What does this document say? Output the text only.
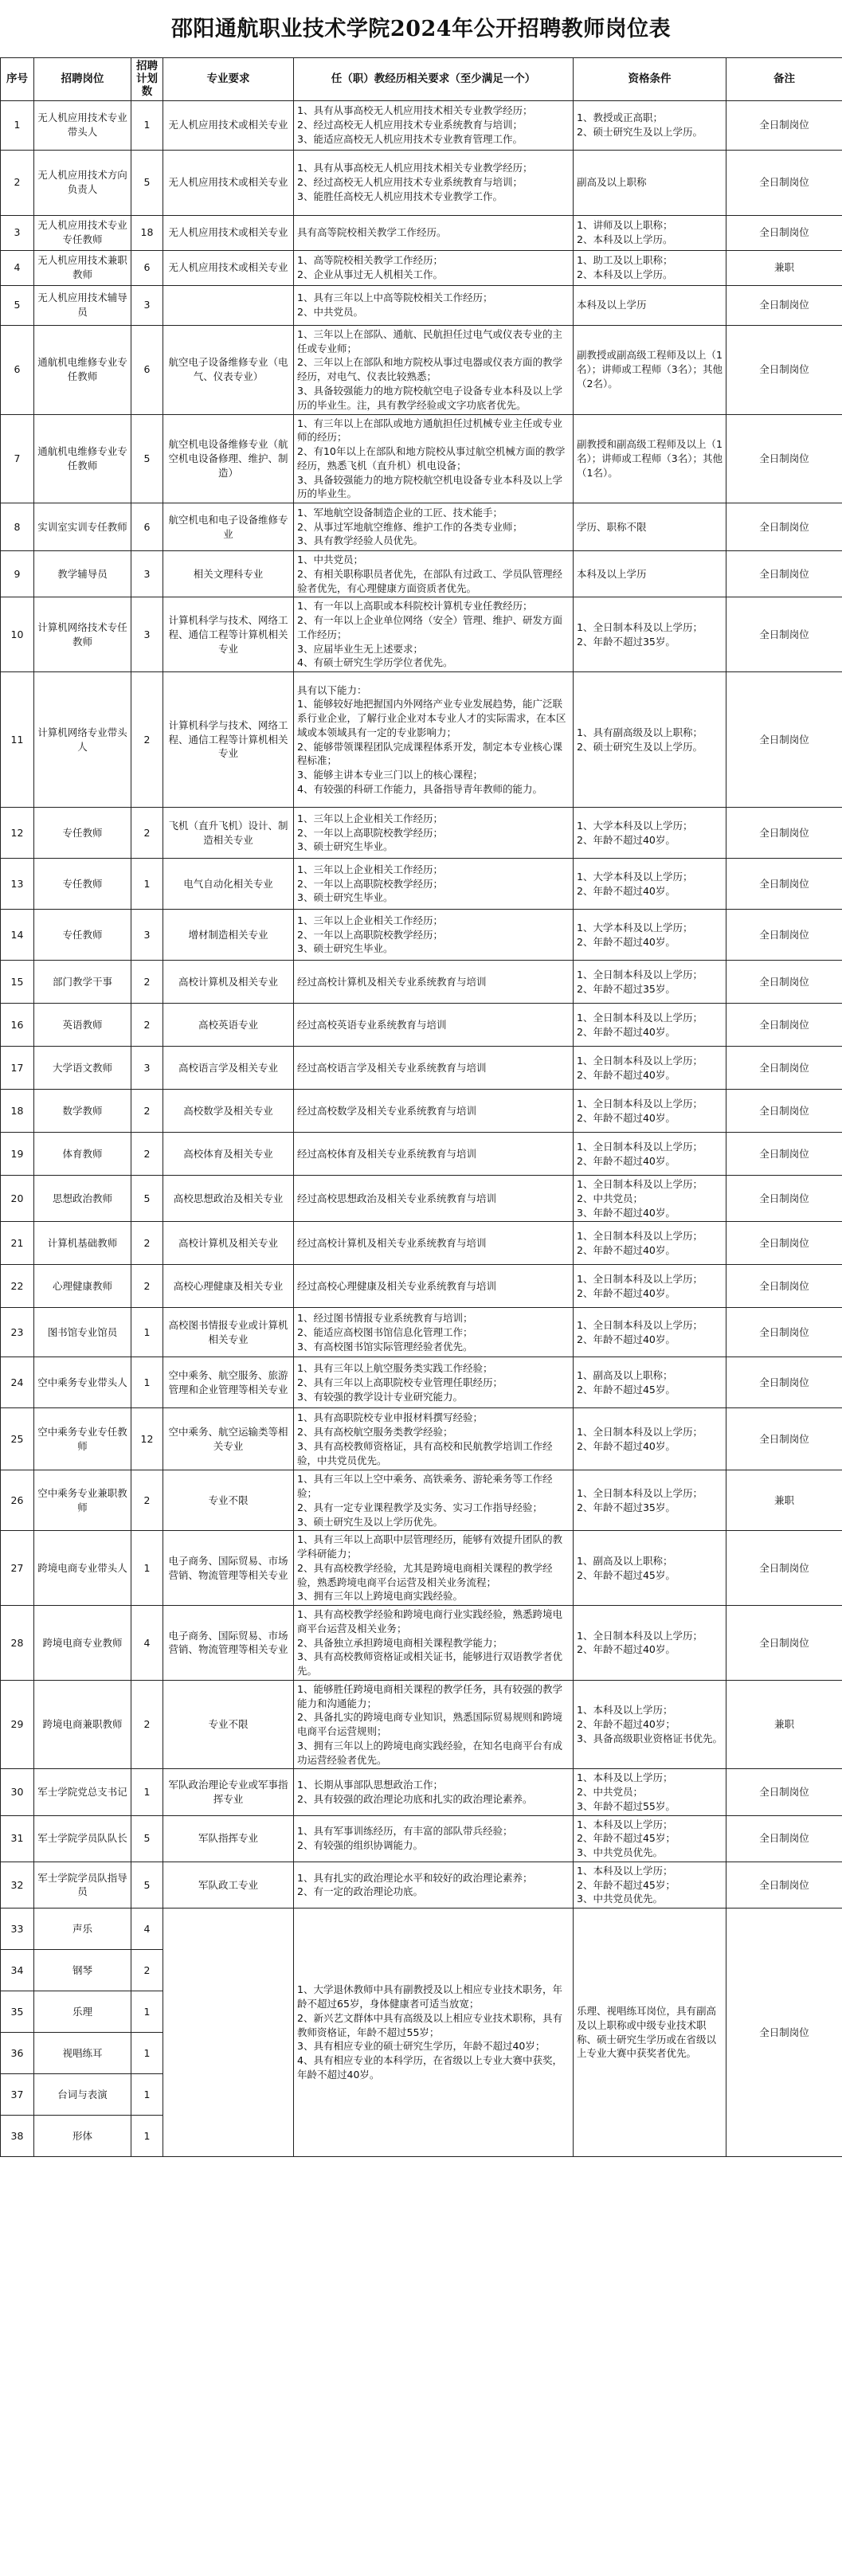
邵阳通航职业技术学院2024年公开招聘教师岗位表
序号	招聘岗位	招聘计划数	专业要求	任（职）教经历相关要求（至少满足一个）	资格条件	备注
1	无人机应用技术专业带头人	1	无人机应用技术或相关专业	1、具有从事高校无人机应用技术相关专业教学经历；
2、经过高校无人机应用技术专业系统教育与培训；
3、能适应高校无人机应用技术专业教育管理工作。	1、教授或正高职；
2、硕士研究生及以上学历。	全日制岗位
2	无人机应用技术方向负责人	5	无人机应用技术或相关专业	1、具有从事高校无人机应用技术相关专业教学经历；
2、经过高校无人机应用技术专业系统教育与培训；
3、能胜任高校无人机应用技术专业教学工作。	副高及以上职称	全日制岗位
3	无人机应用技术专业专任教师	18	无人机应用技术或相关专业	具有高等院校相关教学工作经历。	1、讲师及以上职称；
2、本科及以上学历。	全日制岗位
4	无人机应用技术兼职教师	6	无人机应用技术或相关专业	1、高等院校相关教学工作经历；
2、企业从事过无人机相关工作。	1、助工及以上职称；
2、本科及以上学历。	兼职
5	无人机应用技术辅导员	3		1、具有三年以上中高等院校相关工作经历；
2、中共党员。	本科及以上学历	全日制岗位
6	通航机电维修专业专任教师	6	航空电子设备维修专业（电气、仪表专业）	1、三年以上在部队、通航、民航担任过电气或仪表专业的主任或专业师；
2、三年以上在部队和地方院校从事过电器或仪表方面的教学经历，对电气、仪表比较熟悉；
3、具备较强能力的地方院校航空电子设备专业本科及以上学历的毕业生。注，具有教学经验或文字功底者优先。	副教授或副高级工程师及以上（1名）；讲师或工程师（3名）；其他（2名）。	全日制岗位
7	通航机电维修专业专任教师	5	航空机电设备维修专业（航空机电设备修理、维护、制造）	1、有三年以上在部队或地方通航担任过机械专业主任或专业师的经历；
2、有10年以上在部队和地方院校从事过航空机械方面的教学经历，熟悉飞机（直升机）机电设备；
3、具备较强能力的地方院校航空机电设备专业本科及以上学历的毕业生。	副教授和副高级工程师及以上（1名）；讲师或工程师（3名）；其他（1名）。	全日制岗位
8	实训室实训专任教师	6	航空机电和电子设备维修专业	1、军地航空设备制造企业的工匠、技术能手；
2、从事过军地航空维修、维护工作的各类专业师；
3、具有教学经验人员优先。	学历、职称不限	全日制岗位
9	教学辅导员	3	相关文理科专业	1、中共党员；
2、有相关职称职员者优先，在部队有过政工、学员队管理经验者优先，有心理健康方面资质者优先。	本科及以上学历	全日制岗位
10	计算机网络技术专任教师	3	计算机科学与技术、网络工程、通信工程等计算机相关专业	1、有一年以上高职或本科院校计算机专业任教经历；
2、有一年以上企业单位网络（安全）管理、维护、研发方面工作经历；
3、应届毕业生无上述要求；
4、有硕士研究生学历学位者优先。	1、全日制本科及以上学历；
2、年龄不超过35岁。	全日制岗位
11	计算机网络专业带头人	2	计算机科学与技术、网络工程、通信工程等计算机相关专业	具有以下能力：
1、能够较好地把握国内外网络产业专业发展趋势，能广泛联系行业企业，了解行业企业对本专业人才的实际需求，在本区域或本领域具有一定的专业影响力；
2、能够带领课程团队完成课程体系开发，制定本专业核心课程标准；
3、能够主讲本专业三门以上的核心课程；
4、有较强的科研工作能力，具备指导青年教师的能力。	1、具有副高级及以上职称；
2、硕士研究生及以上学历。	全日制岗位
12	专任教师	2	飞机（直升飞机）设计、制造相关专业	1、三年以上企业相关工作经历；
2、一年以上高职院校教学经历；
3、硕士研究生毕业。	1、大学本科及以上学历；
2、年龄不超过40岁。	全日制岗位
13	专任教师	1	电气自动化相关专业	1、三年以上企业相关工作经历；
2、一年以上高职院校教学经历；
3、硕士研究生毕业。	1、大学本科及以上学历；
2、年龄不超过40岁。	全日制岗位
14	专任教师	3	增材制造相关专业	1、三年以上企业相关工作经历；
2、一年以上高职院校教学经历；
3、硕士研究生毕业。	1、大学本科及以上学历；
2、年龄不超过40岁。	全日制岗位
15	部门教学干事	2	高校计算机及相关专业	经过高校计算机及相关专业系统教育与培训	1、全日制本科及以上学历；
2、年龄不超过35岁。	全日制岗位
16	英语教师	2	高校英语专业	经过高校英语专业系统教育与培训	1、全日制本科及以上学历；
2、年龄不超过40岁。	全日制岗位
17	大学语文教师	3	高校语言学及相关专业	经过高校语言学及相关专业系统教育与培训	1、全日制本科及以上学历；
2、年龄不超过40岁。	全日制岗位
18	数学教师	2	高校数学及相关专业	经过高校数学及相关专业系统教育与培训	1、全日制本科及以上学历；
2、年龄不超过40岁。	全日制岗位
19	体育教师	2	高校体育及相关专业	经过高校体育及相关专业系统教育与培训	1、全日制本科及以上学历；
2、年龄不超过40岁。	全日制岗位
20	思想政治教师	5	高校思想政治及相关专业	经过高校思想政治及相关专业系统教育与培训	1、全日制本科及以上学历；
2、中共党员；
3、年龄不超过40岁。	全日制岗位
21	计算机基础教师	2	高校计算机及相关专业	经过高校计算机及相关专业系统教育与培训	1、全日制本科及以上学历；
2、年龄不超过40岁。	全日制岗位
22	心理健康教师	2	高校心理健康及相关专业	经过高校心理健康及相关专业系统教育与培训	1、全日制本科及以上学历；
2、年龄不超过40岁。	全日制岗位
23	图书馆专业馆员	1	高校图书情报专业或计算机相关专业	1、经过图书情报专业系统教育与培训；
2、能适应高校图书馆信息化管理工作；
3、有高校图书馆实际管理经验者优先。	1、全日制本科及以上学历；
2、年龄不超过40岁。	全日制岗位
24	空中乘务专业带头人	1	空中乘务、航空服务、旅游管理和企业管理等相关专业	1、具有三年以上航空服务类实践工作经验；
2、具有三年以上高职院校专业管理任职经历；
3、有较强的教学设计专业研究能力。	1、副高及以上职称；
2、年龄不超过45岁。	全日制岗位
25	空中乘务专业专任教师	12	空中乘务、航空运输类等相关专业	1、具有高职院校专业申报材料撰写经验；
2、具有高校航空服务类教学经验；
3、具有高校教师资格证，具有高校和民航教学培训工作经验，中共党员优先。	1、全日制本科及以上学历；
2、年龄不超过40岁。	全日制岗位
26	空中乘务专业兼职教师	2	专业不限	1、具有三年以上空中乘务、高铁乘务、游轮乘务等工作经验；
2、具有一定专业课程教学及实务、实习工作指导经验；
3、硕士研究生及以上学历优先。	1、全日制本科及以上学历；
2、年龄不超过35岁。	兼职
27	跨境电商专业带头人	1	电子商务、国际贸易、市场营销、物流管理等相关专业	1、具有三年以上高职中层管理经历，能够有效提升团队的教学科研能力；
2、具有高校教学经验，尤其是跨境电商相关课程的教学经验，熟悉跨境电商平台运营及相关业务流程；
3、拥有三年以上跨境电商实践经验。	1、副高及以上职称；
2、年龄不超过45岁。	全日制岗位
28	跨境电商专业教师	4	电子商务、国际贸易、市场营销、物流管理等相关专业	1、具有高校教学经验和跨境电商行业实践经验，熟悉跨境电商平台运营及相关业务；
2、具备独立承担跨境电商相关课程教学能力；
3、具有高校教师资格证或相关证书，能够进行双语教学者优先。	1、全日制本科及以上学历；
2、年龄不超过40岁。	全日制岗位
29	跨境电商兼职教师	2	专业不限	1、能够胜任跨境电商相关课程的教学任务，具有较强的教学能力和沟通能力；
2、具备扎实的跨境电商专业知识，熟悉国际贸易规则和跨境电商平台运营规则；
3、拥有三年以上的跨境电商实践经验，在知名电商平台有成功运营经验者优先。	1、本科及以上学历；
2、年龄不超过40岁；
3、具备高级职业资格证书优先。	兼职
30	军士学院党总支书记	1	军队政治理论专业或军事指挥专业	1、长期从事部队思想政治工作；
2、具有较强的政治理论功底和扎实的政治理论素养。	1、本科及以上学历；
2、中共党员；
3、年龄不超过55岁。	全日制岗位
31	军士学院学员队队长	5	军队指挥专业	1、具有军事训练经历，有丰富的部队带兵经验；
2、有较强的组织协调能力。	1、本科及以上学历；
2、年龄不超过45岁；
3、中共党员优先。	全日制岗位
32	军士学院学员队指导员	5	军队政工专业	1、具有扎实的政治理论水平和较好的政治理论素养；
2、有一定的政治理论功底。	1、本科及以上学历；
2、年龄不超过45岁；
3、中共党员优先。	全日制岗位
33	声乐	4		1、大学退休教师中具有副教授及以上相应专业技术职务，年龄不超过65岁，身体健康者可适当放宽；
2、新兴艺文群体中具有高级及以上相应专业技术职称，具有教师资格证，年龄不超过55岁；
3、具有相应专业的硕士研究生学历，年龄不超过40岁；
4、具有相应专业的本科学历，在省级以上专业大赛中获奖，年龄不超过40岁。	乐理、视唱练耳岗位，具有副高及以上职称或中级专业技术职称、硕士研究生学历或在省级以上专业大赛中获奖者优先。	全日制岗位
34	钢琴	2				
35	乐理	1				
36	视唱练耳	1				
37	台词与表演	1				
38	形体	1				
